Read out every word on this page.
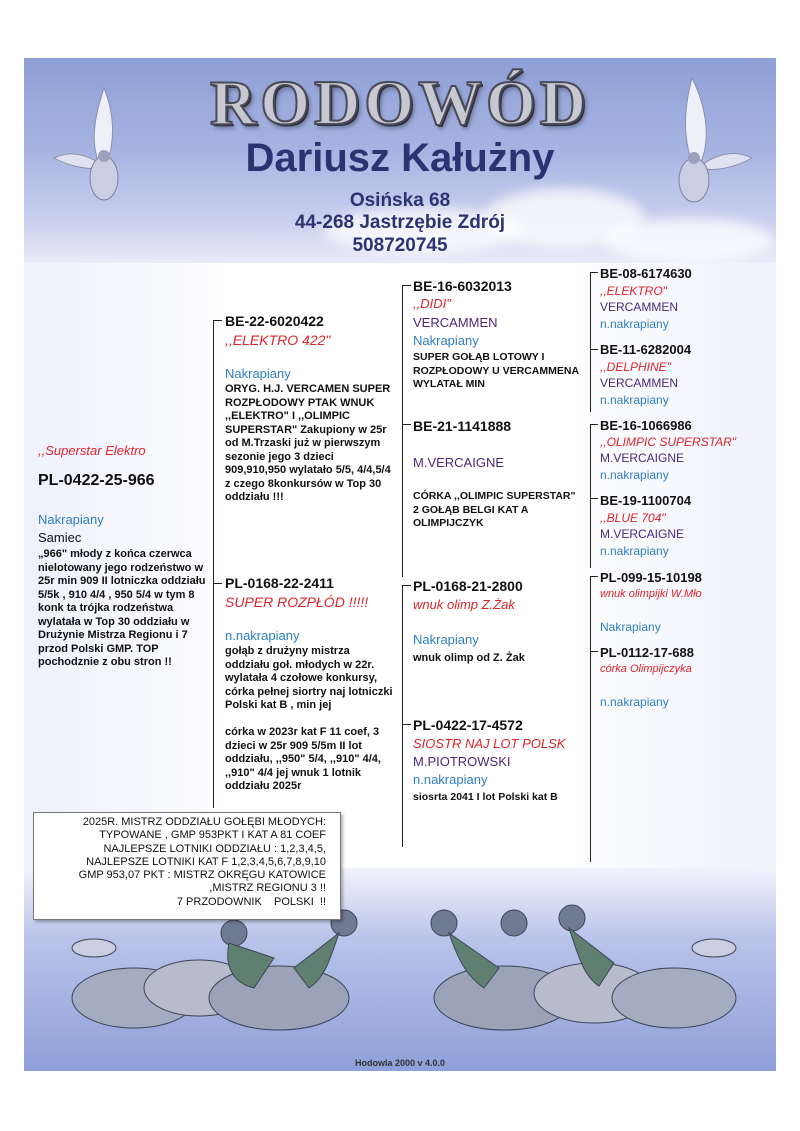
RODOWÓD
Dariusz Kałużny
Osińska 68
44-268 Jastrzębie Zdrój
508720745
,,Superstar Elektro
PL-0422-25-966
Nakrapiany
Samiec
„966" młody z końca czerwca nielotowany jego rodzeństwo w 25r min 909 II lotniczka oddziału 5/5k , 910 4/4 , 950 5/4 w tym 8 konk ta trójka rodzeństwa wylatała w Top 30 oddziału w Drużynie Mistrza Regionu i 7 przod Polski GMP. TOP pochodznie z obu stron !!
BE-22-6020422
,,ELEKTRO 422"
Nakrapiany
ORYG. H.J. VERCAMEN SUPER ROZPŁODOWY PTAK WNUK ,,ELEKTRO" I ,,OLIMPIC SUPERSTAR" Zakupiony w 25r od M.Trzaski już w pierwszym sezonie jego 3 dzieci 909,910,950 wylatało 5/5, 4/4,5/4 z czego 8konkursów w Top 30 oddziału !!!
PL-0168-22-2411
SUPER ROZPŁÓD !!!!!
n.nakrapiany
gołąb z drużyny mistrza oddziału goł. młodych w 22r. wylatała 4 czołowe konkursy, córka pełnej siortry naj lotniczki Polski kat B , min jej
córka w 2023r kat F 11 coef, 3 dzieci w 25r 909 5/5m II lot oddziału, ,,950" 5/4, ,,910" 4/4, ,,910" 4/4 jej wnuk 1 lotnik oddziału 2025r
BE-16-6032013
,,DIDI"
VERCAMMEN
Nakrapiany
SUPER GOŁĄB LOTOWY I ROZPŁODOWY U VERCAMMENA WYLATAŁ MIN
BE-21-1141888
M.VERCAIGNE
CÓRKA ,,OLIMPIC SUPERSTAR" 2 GOŁĄB BELGI KAT A OLIMPIJCZYK
PL-0168-21-2800
wnuk olimp Z.Żak
Nakrapiany
wnuk olimp od Z. Żak
PL-0422-17-4572
SIOSTR NAJ LOT POLSK
M.PIOTROWSKI
n.nakrapiany
siosrta 2041 I lot Polski kat B
BE-08-6174630
,,ELEKTRO"
VERCAMMEN
n.nakrapiany
BE-11-6282004
,,DELPHINE"
VERCAMMEN
n.nakrapiany
BE-16-1066986
,,OLIMPIC SUPERSTAR"
M.VERCAIGNE
n.nakrapiany
BE-19-1100704
,,BLUE 704"
M.VERCAIGNE
n.nakrapiany
PL-099-15-10198
wnuk olimpijki W.Mło
Nakrapiany
PL-0112-17-688
córka Olimpijczyka
n.nakrapiany
2025R. MISTRZ ODDZIAŁU GOŁĘBI MŁODYCH:
TYPOWANE , GMP 953PKT I KAT A 81 COEF
NAJLEPSZE LOTNIKI ODDZIAŁU : 1,2,3,4,5,
NAJLEPSZE LOTNIKI KAT F 1,2,3,4,5,6,7,8,9,10
GMP 953,07 PKT : MISTRZ OKRĘGU KATOWICE
,MISTRZ REGIONU 3 !!
7 PRZODOWNIK    POLSKI  !!
Hodowla 2000 v 4.0.0
